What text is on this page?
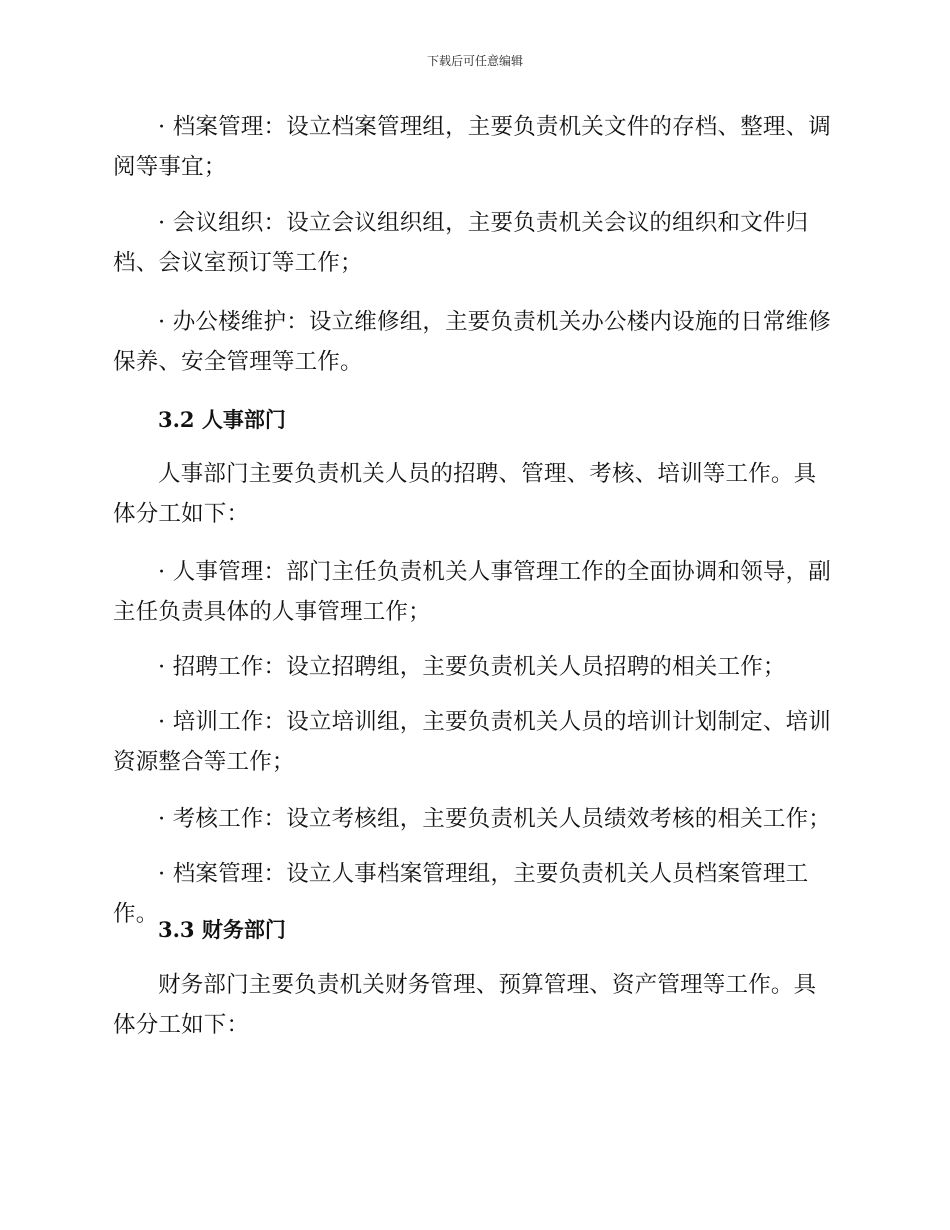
下载后可任意编辑

· 档案管理：设立档案管理组，主要负责机关文件的存档、整理、调阅等事宜；

· 会议组织：设立会议组织组，主要负责机关会议的组织和文件归档、会议室预订等工作；

· 办公楼维护：设立维修组，主要负责机关办公楼内设施的日常维修保养、安全管理等工作。

3.2 人事部门

人事部门主要负责机关人员的招聘、管理、考核、培训等工作。具体分工如下：

· 人事管理：部门主任负责机关人事管理工作的全面协调和领导，副主任负责具体的人事管理工作；

· 招聘工作：设立招聘组，主要负责机关人员招聘的相关工作；

· 培训工作：设立培训组，主要负责机关人员的培训计划制定、培训资源整合等工作；

· 考核工作：设立考核组，主要负责机关人员绩效考核的相关工作；

· 档案管理：设立人事档案管理组，主要负责机关人员档案管理工作。

3.3 财务部门

财务部门主要负责机关财务管理、预算管理、资产管理等工作。具体分工如下：
